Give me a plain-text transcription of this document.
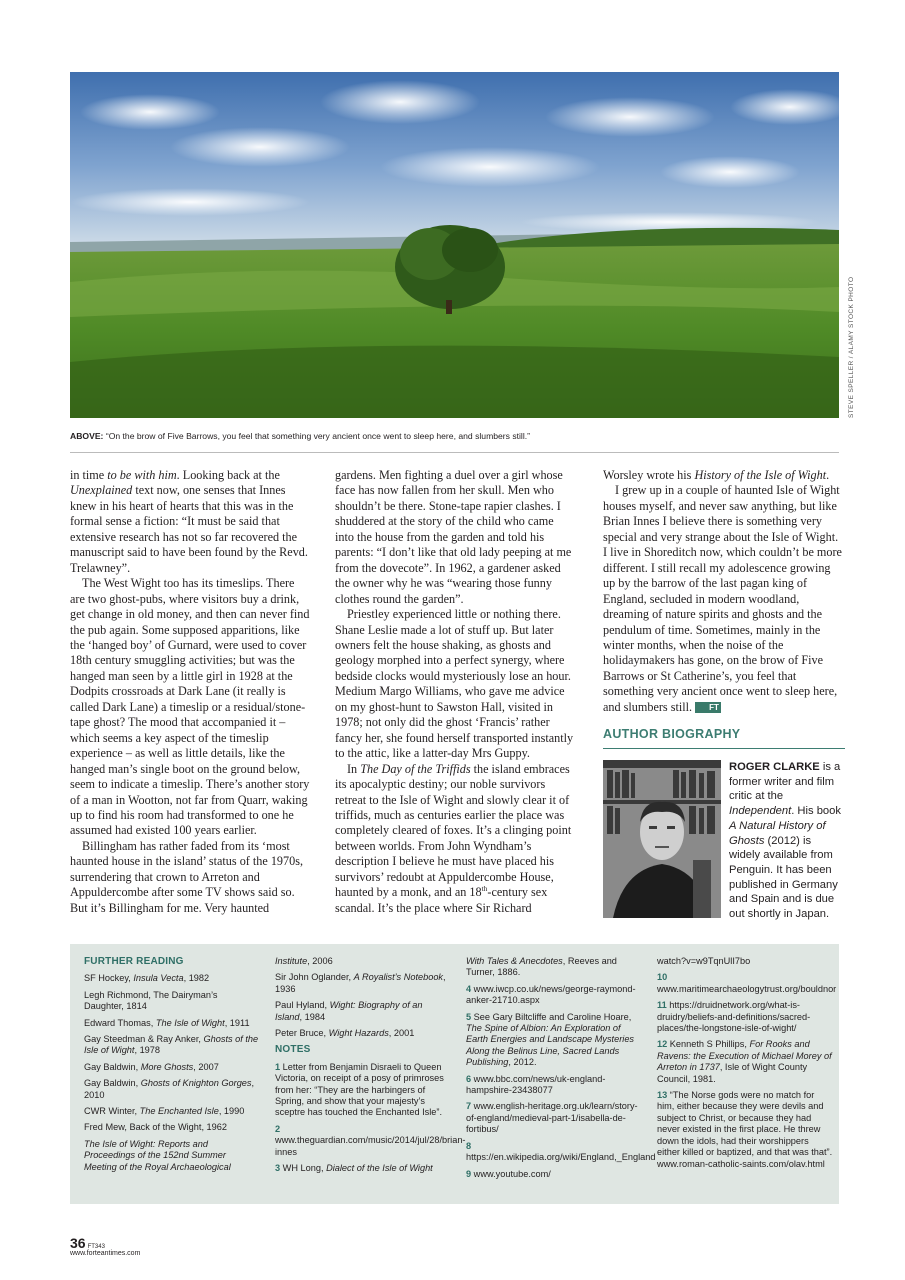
STEVE SPELLER / ALAMY STOCK PHOTO
ABOVE: “On the brow of Five Barrows, you feel that something very ancient once went to sleep here, and slumbers still.”

in time to be with him. Looking back at the Unexplained text now, one senses that Innes knew in his heart of hearts that this was in the formal sense a fiction: “It must be said that extensive research has not so far recovered the manuscript said to have been found by the Revd. Trelawney”.

The West Wight too has its timeslips. There are two ghost-pubs, where visitors buy a drink, get change in old money, and then can never find the pub again. Some supposed apparitions, like the ‘hanged boy’ of Gurnard, were used to cover 18th century smuggling activities; but was the hanged man seen by a little girl in 1928 at the Dodpits crossroads at Dark Lane (it really is called Dark Lane) a timeslip or a residual/stone-tape ghost? The mood that accompanied it – which seems a key aspect of the timeslip experience – as well as little details, like the hanged man’s single boot on the ground below, seem to indicate a timeslip. There’s another story of a man in Wootton, not far from Quarr, waking up to find his room had transformed to one he assumed had existed 100 years earlier.

Billingham has rather faded from its ‘most haunted house in the island’ status of the 1970s, surrendering that crown to Arreton and Appuldercombe after some TV shows said so. But it’s Billingham for me. Very haunted

gardens. Men fighting a duel over a girl whose face has now fallen from her skull. Men who shouldn’t be there. Stone-tape rapier clashes. I shuddered at the story of the child who came into the house from the garden and told his parents: “I don’t like that old lady peeping at me from the dovecote”. In 1962, a gardener asked the owner why he was “wearing those funny clothes round the garden”.

Priestley experienced little or nothing there. Shane Leslie made a lot of stuff up. But later owners felt the house shaking, as ghosts and geology morphed into a perfect synergy, where bedside clocks would mysteriously lose an hour. Medium Margo Williams, who gave me advice on my ghost-hunt to Sawston Hall, visited in 1978; not only did the ghost ‘Francis’ rather fancy her, she found herself transported instantly to the attic, like a latter-day Mrs Guppy.

In The Day of the Triffids the island embraces its apocalyptic destiny; our noble survivors retreat to the Isle of Wight and slowly clear it of triffids, much as centuries earlier the place was completely cleared of foxes. It’s a clinging point between worlds. From John Wyndham’s description I believe he must have placed his survivors’ redoubt at Appuldercombe House, haunted by a monk, and an 18th-century sex scandal. It’s the place where Sir Richard

Worsley wrote his History of the Isle of Wight.

I grew up in a couple of haunted Isle of Wight houses myself, and never saw anything, but like Brian Innes I believe there is something very special and very strange about the Isle of Wight. I live in Shoreditch now, which couldn’t be more different. I still recall my adolescence growing up by the barrow of the last pagan king of England, secluded in modern woodland, dreaming of nature spirits and ghosts and the pendulum of time. Sometimes, mainly in the winter months, when the noise of the holidaymakers has gone, on the brow of Five Barrows or St Catherine’s, you feel that something very ancient once went to sleep here, and slumbers still. FT

AUTHOR BIOGRAPHY
ROGER CLARKE is a former writer and film critic at the Independent. His book A Natural History of Ghosts (2012) is widely available from Penguin. It has been published in Germany and Spain and is due out shortly in Japan.
FURTHER READING
SF Hockey, Insula Vecta, 1982
Legh Richmond, The Dairyman’s Daughter, 1814
Edward Thomas, The Isle of Wight, 1911
Gay Steedman & Ray Anker, Ghosts of the Isle of Wight, 1978
Gay Baldwin, More Ghosts, 2007
Gay Baldwin, Ghosts of Knighton Gorges, 2010
CWR Winter, The Enchanted Isle, 1990
Fred Mew, Back of the Wight, 1962
The Isle of Wight: Reports and Proceedings of the 152nd Summer Meeting of the Royal Archaeological
Institute, 2006
Sir John Oglander, A Royalist’s Notebook, 1936
Paul Hyland, Wight: Biography of an Island, 1984
Peter Bruce, Wight Hazards, 2001
NOTES
1 Letter from Benjamin Disraeli to Queen Victoria, on receipt of a posy of primroses from her: “They are the harbingers of Spring, and show that your majesty’s sceptre has touched the Enchanted Isle”.
2 www.theguardian.com/music/2014/jul/28/brian-innes
3 WH Long, Dialect of the Isle of Wight
With Tales & Anecdotes, Reeves and Turner, 1886.
4 www.iwcp.co.uk/news/george-raymond-anker-21710.aspx
5 See Gary Biltcliffe and Caroline Hoare, The Spine of Albion: An Exploration of Earth Energies and Landscape Mysteries Along the Belinus Line, Sacred Lands Publishing, 2012.
6 www.bbc.com/news/uk-england-hampshire-23438077
7 www.english-heritage.org.uk/learn/story-of-england/medieval-part-1/isabella-de-fortibus/
8 https://en.wikipedia.org/wiki/England,_England
9 www.youtube.com/
watch?v=w9TqnUlI7bo
10 www.maritimearchaeologytrust.org/bouldnor
11 https://druidnetwork.org/what-is-druidry/beliefs-and-definitions/sacred-places/the-longstone-isle-of-wight/
12 Kenneth S Phillips, For Rooks and Ravens: the Execution of Michael Morey of Arreton in 1737, Isle of Wight County Council, 1981.
13 “The Norse gods were no match for him, either because they were devils and subject to Christ, or because they had never existed in the first place. He threw down the idols, had their worshippers either killed or baptized, and that was that”. www.roman-catholic-saints.com/olav.html
36 FT343
www.forteantimes.com
